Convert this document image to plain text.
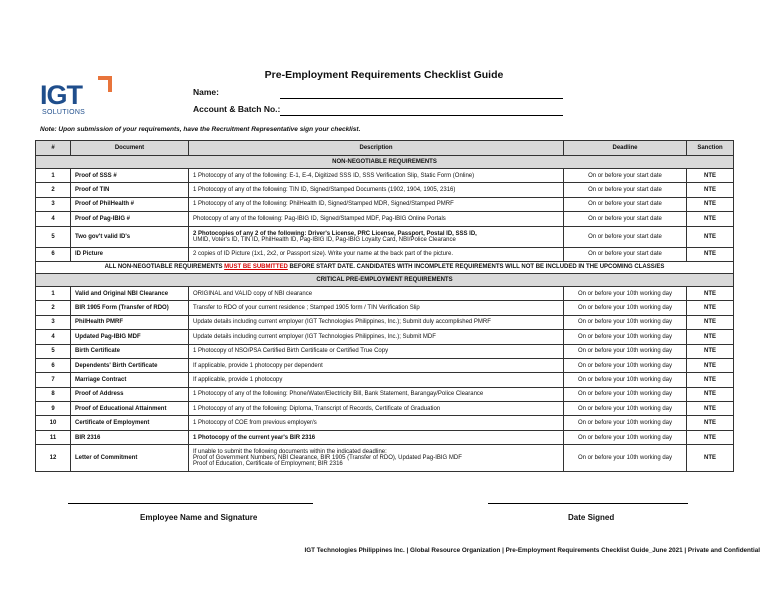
IGT
SOLUTIONS
Pre-Employment Requirements Checklist Guide
Name:
Account & Batch No.:
Note: Upon submission of your requirements, have the Recruitment Representative sign your checklist.
#	Document	Description	Deadline	Sanction
NON-NEGOTIABLE REQUIREMENTS				
1	Proof of SSS #	1 Photocopy of any of the following: E-1, E-4, Digitized SSS ID, SSS Verification Slip, Static Form (Online)	On or before your start date	NTE
2	Proof of TIN	1 Photocopy of any of the following: TIN ID, Signed/Stamped Documents (1902, 1904, 1905, 2316)	On or before your start date	NTE
3	Proof of PhilHealth #	1 Photocopy of any of the following: PhilHealth ID, Signed/Stamped MDR, Signed/Stamped PMRF	On or before your start date	NTE
4	Proof of Pag-IBIG #	Photocopy of any of the following: Pag-IBIG ID, Signed/Stamped MDF, Pag-IBIG Online Portals	On or before your start date	NTE
5	Two gov't valid ID's	2 Photocopies of any 2 of the following: Driver's License, PRC License, Passport, Postal ID, SSS ID,
UMID, Voter's ID, TIN ID, PhilHealth ID, Pag-IBIG ID, Pag-IBIG Loyalty Card, NBI/Police Clearance	On or before your start date	NTE
6	ID Picture	2 copies of ID Picture (1x1, 2x2, or Passport size). Write your name at the back part of the picture.	On or before your start date	NTE
ALL NON-NEGOTIABLE REQUIREMENTS MUST BE SUBMITTED BEFORE START DATE. CANDIDATES WITH INCOMPLETE REQUIREMENTS WILL NOT BE INCLUDED IN THE UPCOMING CLASS/ES				
CRITICAL PRE-EMPLOYMENT REQUIREMENTS				
1	Valid and Original NBI Clearance	ORIGINAL and VALID copy of NBI clearance	On or before your 10th working day	NTE
2	BIR 1905 Form (Transfer of RDO)	Transfer to RDO of your current residence ; Stamped 1905 form / TIN Verification Slip	On or before your 10th working day	NTE
3	PhilHealth PMRF	Update details including current employer (IGT Technologies Philippines, Inc.); Submit duly accomplished PMRF	On or before your 10th working day	NTE
4	Updated Pag-IBIG MDF	Update details including current employer (IGT Technologies Philippines, Inc.); Submit MDF	On or before your 10th working day	NTE
5	Birth Certificate	1 Photocopy of NSO/PSA Certified Birth Certificate or Certified True Copy	On or before your 10th working day	NTE
6	Dependents' Birth Certificate	If applicable, provide 1 photocopy per dependent	On or before your 10th working day	NTE
7	Marriage Contract	If applicable, provide 1 photocopy	On or before your 10th working day	NTE
8	Proof of Address	1 Photocopy of any of the following: Phone/Water/Electricity Bill, Bank Statement, Barangay/Police Clearance	On or before your 10th working day	NTE
9	Proof of Educational Attainment	1 Photocopy of any of the following: Diploma, Transcript of Records, Certificate of Graduation	On or before your 10th working day	NTE
10	Certificate of Employment	1 Photocopy of COE from previous employer/s	On or before your 10th working day	NTE
11	BIR 2316	1 Photocopy of the current year's BIR 2316	On or before your 10th working day	NTE
12	Letter of Commitment	If unable to submit the following documents within the indicated deadline:
Proof of Government Numbers, NBI Clearance, BIR 1905 (Transfer of RDO), Updated Pag-IBIG MDF
Proof of Education, Certificate of Employment; BIR 2316	On or before your 10th working day	NTE
Employee Name and Signature	Date Signed
IGT Technologies Philippines Inc. | Global Resource Organization | Pre-Employment Requirements Checklist Guide_June 2021 | Private and Confidential
